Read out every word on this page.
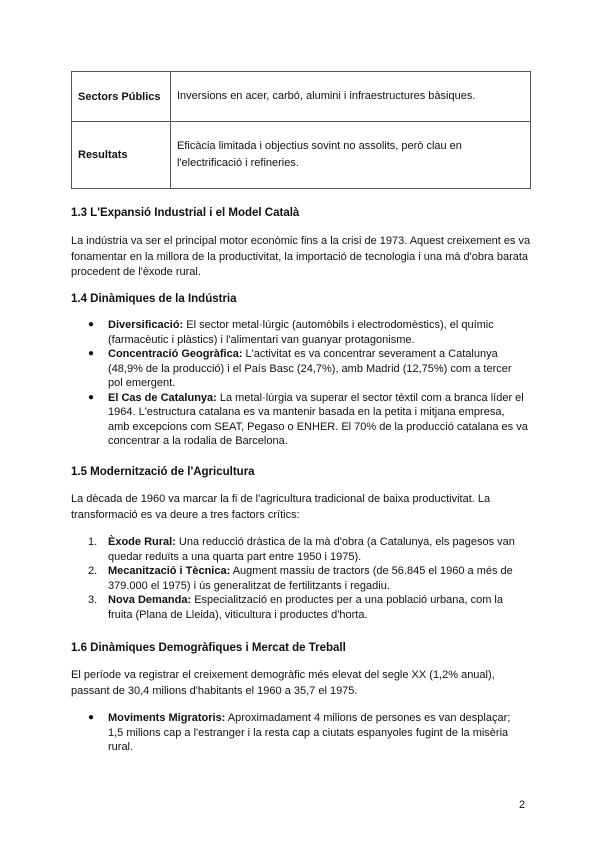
Sectors Públics	Inversions en acer, carbó, alumini i infraestructures bàsiques.
Resultats	Eficàcia limitada i objectius sovint no assolits, però clau en l'electrificació i refineries.
1.3 L'Expansió Industrial i el Model Català

La indústria va ser el principal motor econòmic fins a la crisi de 1973. Aquest creixement es va fonamentar en la millora de la productivitat, la importació de tecnologia i una mà d'obra barata procedent de l'èxode rural.

1.4 Dinàmiques de la Indústria
● Diversificació: El sector metal·lúrgic (automòbils i electrodomèstics), el químic (farmacèutic i plàstics) i l'alimentari van guanyar protagonisme.
● Concentració Geogràfica: L'activitat es va concentrar severament a Catalunya (48,9% de la producció) i el País Basc (24,7%), amb Madrid (12,75%) com a tercer pol emergent.
● El Cas de Catalunya: La metal·lúrgia va superar el sector tèxtil com a branca líder el 1964. L'estructura catalana es va mantenir basada en la petita i mitjana empresa, amb excepcions com SEAT, Pegaso o ENHER. El 70% de la producció catalana es va concentrar a la rodalia de Barcelona.
1.5 Modernització de l'Agricultura

La dècada de 1960 va marcar la fi de l'agricultura tradicional de baixa productivitat. La transformació es va deure a tres factors crítics:

1. Èxode Rural: Una reducció dràstica de la mà d'obra (a Catalunya, els pagesos van quedar reduïts a una quarta part entre 1950 i 1975).
2. Mecanització i Tècnica: Augment massiu de tractors (de 56.845 el 1960 a més de 379.000 el 1975) i ús generalitzat de fertilitzants i regadiu.
3. Nova Demanda: Especialització en productes per a una població urbana, com la fruita (Plana de Lleida), viticultura i productes d'horta.
1.6 Dinàmiques Demogràfiques i Mercat de Treball

El període va registrar el creixement demogràfic més elevat del segle XX (1,2% anual), passant de 30,4 milions d'habitants el 1960 a 35,7 el 1975.

● Moviments Migratoris: Aproximadament 4 milions de persones es van desplaçar; 1,5 milions cap a l'estranger i la resta cap a ciutats espanyoles fugint de la misèria rural.
2
